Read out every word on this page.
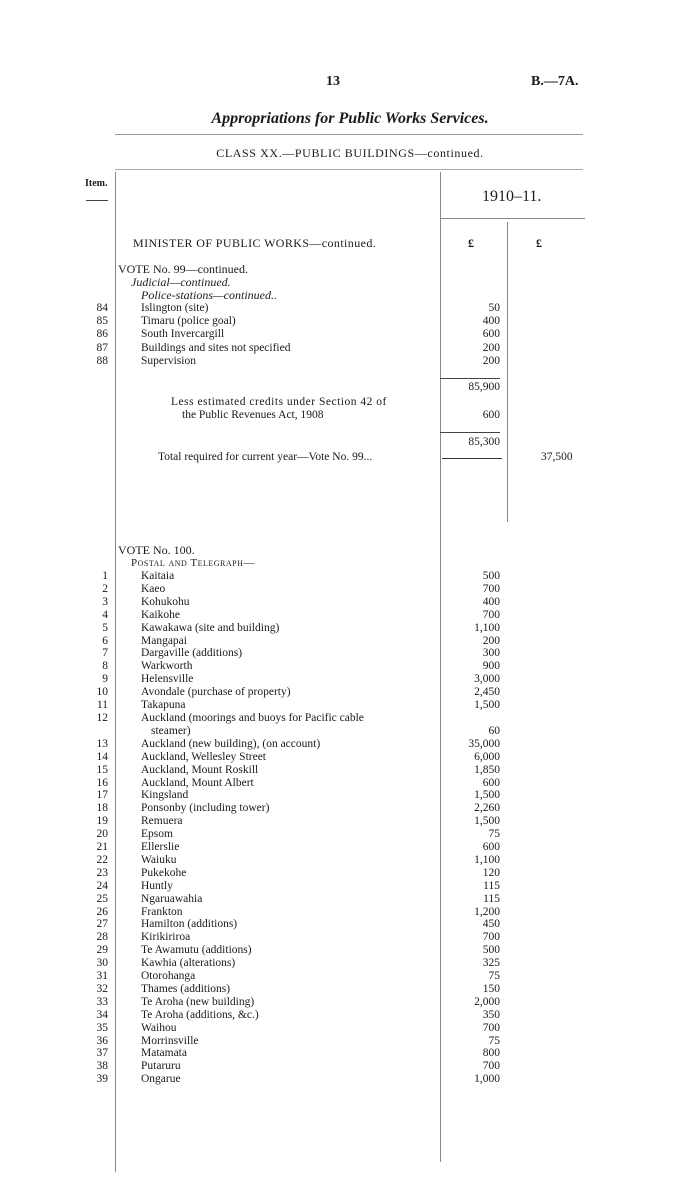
13	B.—7A.
Appropriations for Public Works Services.
CLASS XX.—PUBLIC BUILDINGS—continued.
Item.
1910–11.
MINISTER OF PUBLIC WORKS—continued.	£	£
VOTE No. 99—continued.
Judicial—continued.
Police-stations—continued..
84	Islington (site)	50
85	Timaru (police goal)	400
86	South Invercargill	600
87	Buildings and sites not specified	200
88	Supervision	200
85,900
Less estimated credits under Section 42 of
the Public Revenues Act, 1908	600
85,300
Total required for current year—Vote No. 99...	37,500
VOTE No. 100.
Postal and Telegraph—
1	Kaitaia	500
2	Kaeo	700
3	Kohukohu	400
4	Kaikohe	700
5	Kawakawa (site and building)	1,100
6	Mangapai	200
7	Dargaville (additions)	300
8	Warkworth	900
9	Helensville	3,000
10	Avondale (purchase of property)	2,450
11	Takapuna	1,500
12	Auckland (moorings and buoys for Pacific cable
steamer)	60
13	Auckland (new building), (on account)	35,000
14	Auckland, Wellesley Street	6,000
15	Auckland, Mount Roskill	1,850
16	Auckland, Mount Albert	600
17	Kingsland	1,500
18	Ponsonby (including tower)	2,260
19	Remuera	1,500
20	Epsom	75
21	Ellerslie	600
22	Waiuku	1,100
23	Pukekohe	120
24	Huntly	115
25	Ngaruawahia	115
26	Frankton	1,200
27	Hamilton (additions)	450
28	Kirikiriroa	700
29	Te Awamutu (additions)	500
30	Kawhia (alterations)	325
31	Otorohanga	75
32	Thames (additions)	150
33	Te Aroha (new building)	2,000
34	Te Aroha (additions, &c.)	350
35	Waihou	700
36	Morrinsville	75
37	Matamata	800
38	Putaruru	700
39	Ongarue	1,000
